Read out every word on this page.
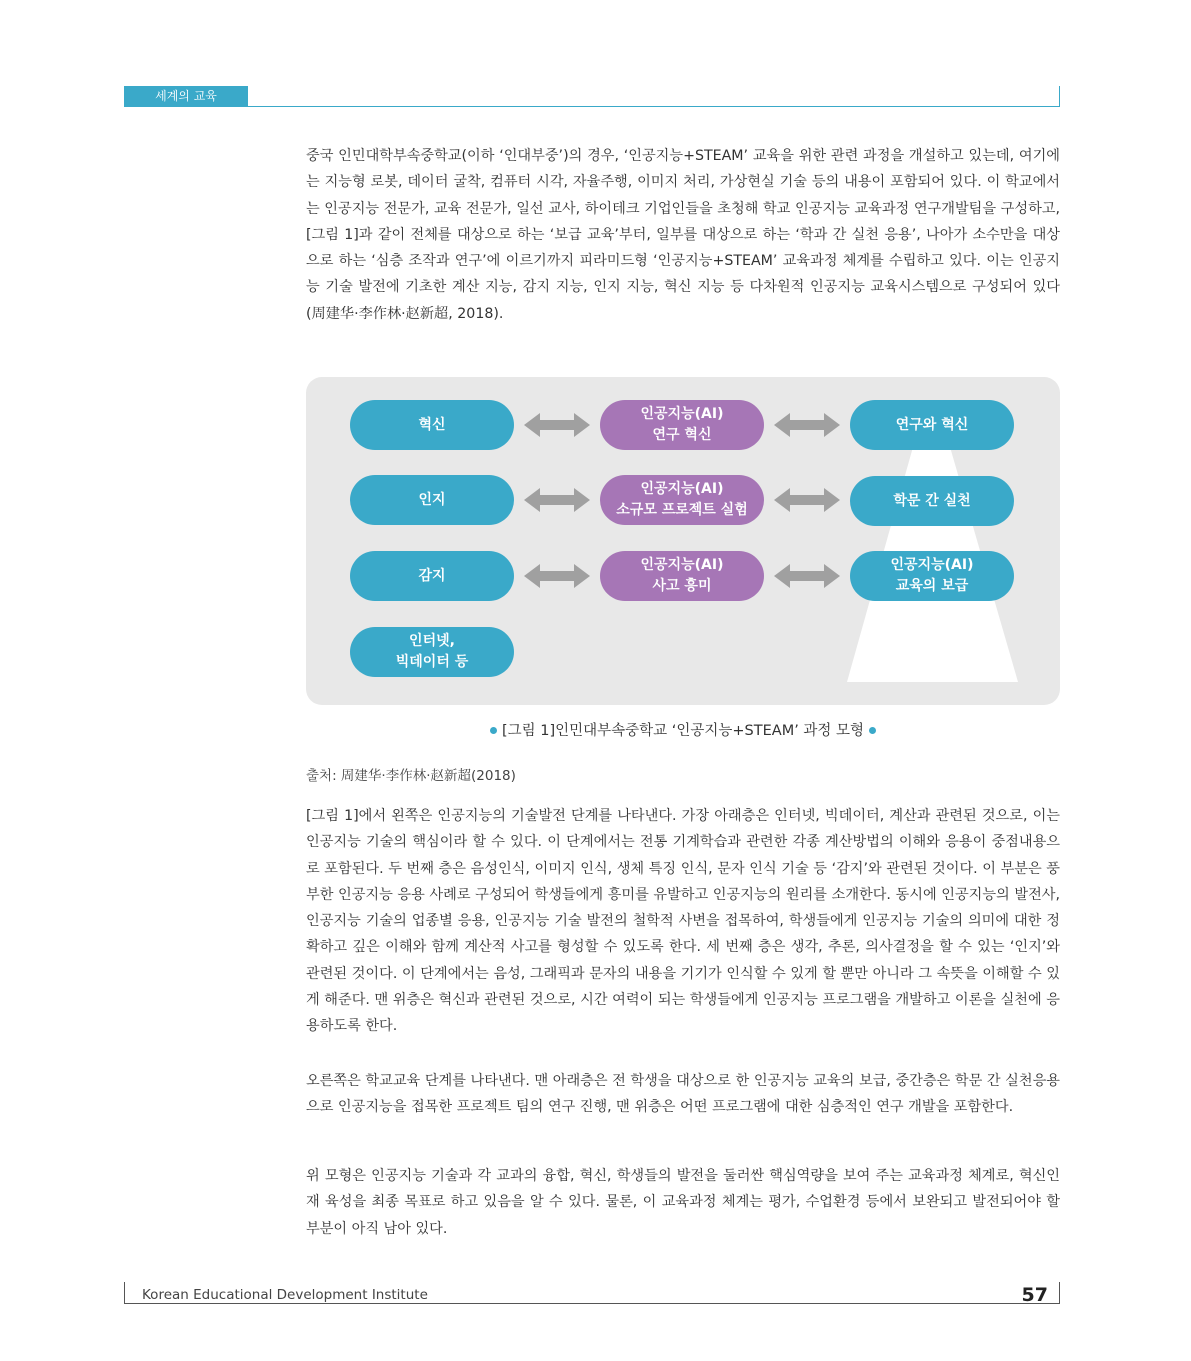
세계의 교육

중국 인민대학부속중학교(이하 ‘인대부중’)의 경우, ‘인공지능+STEAM’ 교육을 위한 관련 과정을 개설하고 있는데, 여기에는 지능형 로봇, 데이터 굴착, 컴퓨터 시각, 자율주행, 이미지 처리, 가상현실 기술 등의 내용이 포함되어 있다. 이 학교에서는 인공지능 전문가, 교육 전문가, 일선 교사, 하이테크 기업인들을 초청해 학교 인공지능 교육과정 연구개발팀을 구성하고, [그림 1]과 같이 전체를 대상으로 하는 ‘보급 교육’부터, 일부를 대상으로 하는 ‘학과 간 실천 응용’, 나아가 소수만을 대상으로 하는 ‘심층 조작과 연구’에 이르기까지 피라미드형 ‘인공지능+STEAM’ 교육과정 체계를 수립하고 있다. 이는 인공지능 기술 발전에 기초한 계산 지능, 감지 지능, 인지 지능, 혁신 지능 등 다차원적 인공지능 교육시스템으로 구성되어 있다(周建华·李作林·赵新超, 2018).

혁신
인지
감지
인터넷,
빅데이터 등
인공지능(AI)
연구 혁신
인공지능(AI)
소규모 프로젝트 실험
인공지능(AI)
사고 흥미
연구와 혁신
학문 간 실천
인공지능(AI)
교육의 보급
[그림 1]인민대부속중학교 ‘인공지능+STEAM’ 과정 모형
출처: 周建华·李作林·赵新超(2018)

[그림 1]에서 왼쪽은 인공지능의 기술발전 단계를 나타낸다. 가장 아래층은 인터넷, 빅데이터, 계산과 관련된 것으로, 이는 인공지능 기술의 핵심이라 할 수 있다. 이 단계에서는 전통 기계학습과 관련한 각종 계산방법의 이해와 응용이 중점내용으로 포함된다. 두 번째 층은 음성인식, 이미지 인식, 생체 특징 인식, 문자 인식 기술 등 ‘감지’와 관련된 것이다. 이 부분은 풍부한 인공지능 응용 사례로 구성되어 학생들에게 흥미를 유발하고 인공지능의 원리를 소개한다. 동시에 인공지능의 발전사, 인공지능 기술의 업종별 응용, 인공지능 기술 발전의 철학적 사변을 접목하여, 학생들에게 인공지능 기술의 의미에 대한 정확하고 깊은 이해와 함께 계산적 사고를 형성할 수 있도록 한다. 세 번째 층은 생각, 추론, 의사결정을 할 수 있는 ‘인지’와 관련된 것이다. 이 단계에서는 음성, 그래픽과 문자의 내용을 기기가 인식할 수 있게 할 뿐만 아니라 그 속뜻을 이해할 수 있게 해준다. 맨 위층은 혁신과 관련된 것으로, 시간 여력이 되는 학생들에게 인공지능 프로그램을 개발하고 이론을 실천에 응용하도록 한다.

오른쪽은 학교교육 단계를 나타낸다. 맨 아래층은 전 학생을 대상으로 한 인공지능 교육의 보급, 중간층은 학문 간 실천응용으로 인공지능을 접목한 프로젝트 팀의 연구 진행, 맨 위층은 어떤 프로그램에 대한 심층적인 연구 개발을 포함한다.

위 모형은 인공지능 기술과 각 교과의 융합, 혁신, 학생들의 발전을 둘러싼 핵심역량을 보여 주는 교육과정 체계로, 혁신인재 육성을 최종 목표로 하고 있음을 알 수 있다. 물론, 이 교육과정 체계는 평가, 수업환경 등에서 보완되고 발전되어야 할 부분이 아직 남아 있다.

Korean Educational Development Institute	57
